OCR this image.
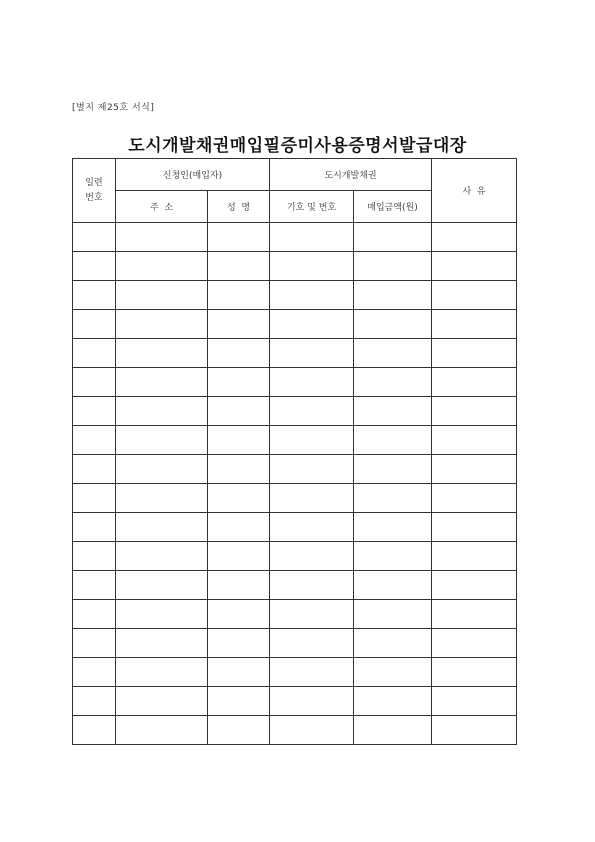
[별지 제25호 서식]
도시개발채권매입필증미사용증명서발급대장
일련
번호	신청인(매입자)		도시개발채권		사  유
	주  소	성  명	기호 및 번호	매입금액(원)	
